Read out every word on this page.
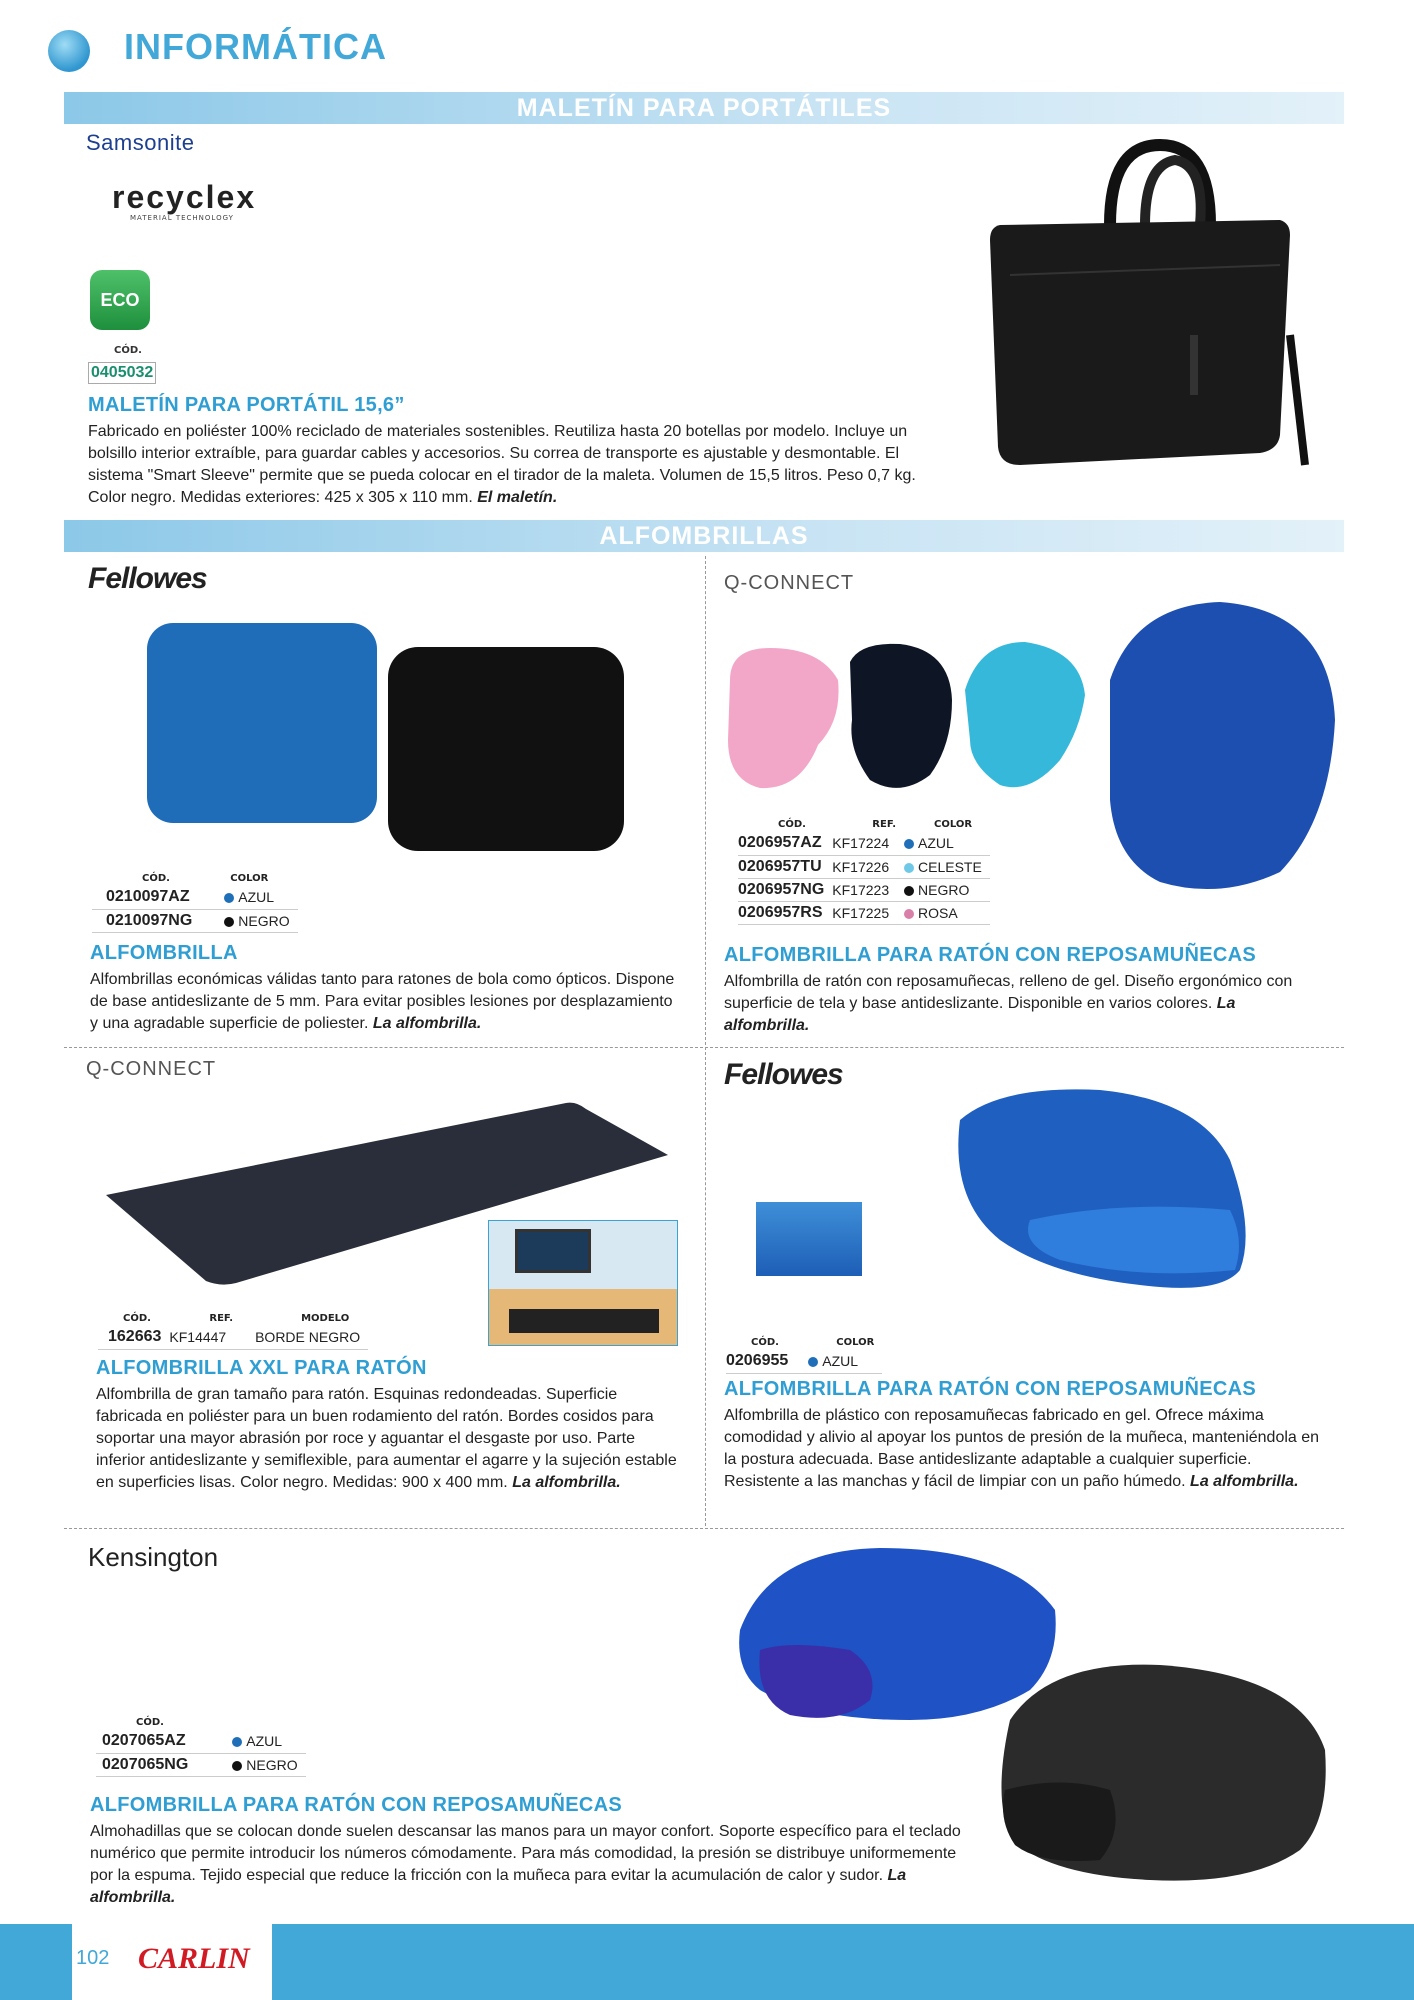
INFORMÁTICA
MALETÍN PARA PORTÁTILES
Samsonite
recyclex
MATERIAL TECHNOLOGY
ECO
CÓD.
0405032
MALETÍN PARA PORTÁTIL 15,6”
Fabricado en poliéster 100% reciclado de materiales sostenibles. Reutiliza hasta 20 botellas por modelo. Incluye un bolsillo interior extraíble, para guardar cables y accesorios. Su correa de transporte es ajustable y desmontable. El sistema "Smart Sleeve" permite que se pueda colocar en el tirador de la maleta. Volumen de 15,5 litros. Peso 0,7 kg. Color negro. Medidas exteriores: 425 x 305 x 110 mm. El maletín.
ALFOMBRILLAS
Fellowes
CÓD.	COLOR
0210097AZ	AZUL
0210097NG	NEGRO
ALFOMBRILLA
Alfombrillas económicas válidas tanto para ratones de bola como ópticos. Dispone de base antideslizante de 5 mm. Para evitar posibles lesiones por desplazamiento y una agradable superficie de poliester. La alfombrilla.
Q-CONNECT
CÓD.	REF.	COLOR
0206957AZ	KF17224	AZUL
0206957TU	KF17226	CELESTE
0206957NG	KF17223	NEGRO
0206957RS	KF17225	ROSA
ALFOMBRILLA PARA RATÓN CON REPOSAMUÑECAS
Alfombrilla de ratón con reposamuñecas, relleno de gel. Diseño ergonómico con superficie de tela y base antideslizante. Disponible en varios colores. La alfombrilla.
Q-CONNECT
CÓD.	REF.	MODELO
162663	KF14447	BORDE NEGRO
ALFOMBRILLA XXL PARA RATÓN
Alfombrilla de gran tamaño para ratón. Esquinas redondeadas. Superficie fabricada en poliéster para un buen rodamiento del ratón. Bordes cosidos para soportar una mayor abrasión por roce y aguantar el desgaste por uso. Parte inferior antideslizante y semiflexible, para aumentar el agarre y la sujeción estable en superficies lisas. Color negro. Medidas: 900 x 400 mm. La alfombrilla.
Fellowes
CÓD.	COLOR
0206955	AZUL
ALFOMBRILLA PARA RATÓN CON REPOSAMUÑECAS
Alfombrilla de plástico con reposamuñecas fabricado en gel. Ofrece máxima comodidad y alivio al apoyar los puntos de presión de la muñeca, manteniéndola en la postura adecuada. Base antideslizante adaptable a cualquier superficie. Resistente a las manchas y fácil de limpiar con un paño húmedo. La alfombrilla.
Kensington
CÓD.	
0207065AZ	AZUL
0207065NG	NEGRO
ALFOMBRILLA PARA RATÓN CON REPOSAMUÑECAS
Almohadillas que se colocan donde suelen descansar las manos para un mayor confort. Soporte específico para el teclado numérico que permite introducir los números cómodamente. Para más comodidad, la presión se distribuye uniformemente por la espuma. Tejido especial que reduce la fricción con la muñeca para evitar la acumulación de calor y sudor. La alfombrilla.
102 CARLIN
